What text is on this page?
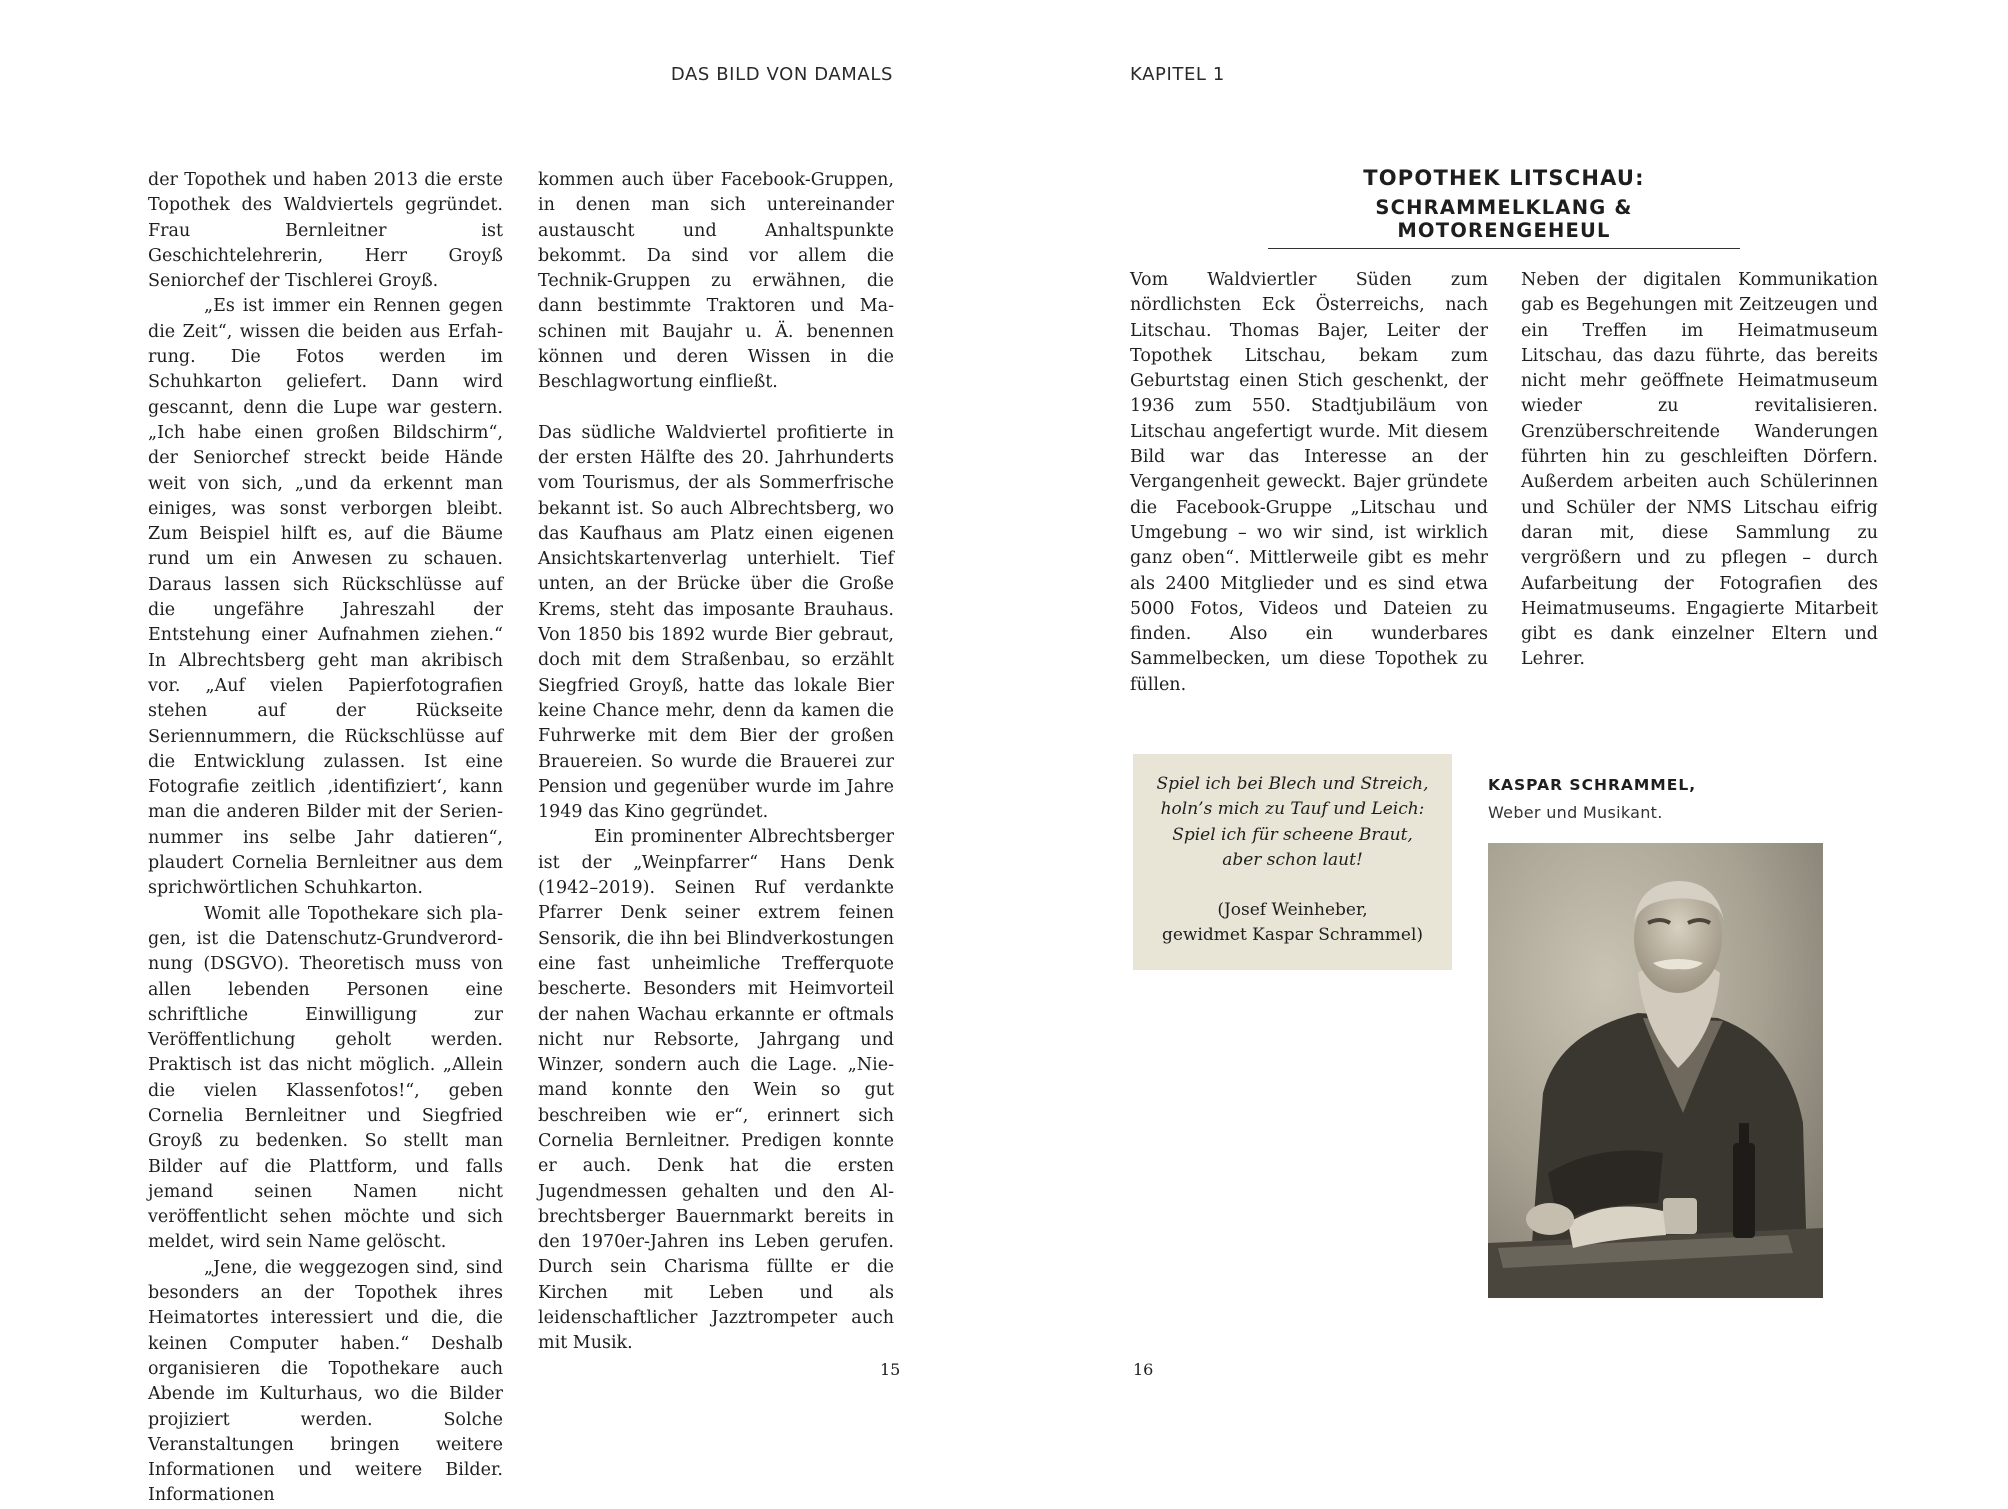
DAS BILD VON DAMALS	KAPITEL 1

der Topothek und haben 2013 die erste Topothek des Waldviertels gegründet. Frau Bernleitner ist Geschichtelehrerin, Herr Groyß Seniorchef der Tischlerei Groyß.

„Es ist immer ein Rennen gegen die Zeit“, wissen die beiden aus Erfahrung. Die Fotos werden im Schuhkarton geliefert. Dann wird gescannt, denn die Lupe war gestern. „Ich habe einen großen Bildschirm“, der Seniorchef streckt beide Hände weit von sich, „und da erkennt man einiges, was sonst verborgen bleibt. Zum Beispiel hilft es, auf die Bäume rund um ein Anwesen zu schauen. Daraus lassen sich Rückschlüsse auf die ungefähre Jahreszahl der Entstehung einer Aufnahmen ziehen.“ In Albrechtsberg geht man akribisch vor. „Auf vielen Papierfotografien stehen auf der Rückseite Seriennummern, die Rückschlüsse auf die Entwicklung zulassen. Ist eine Fotografie zeitlich ‚identifiziert‘, kann man die anderen Bilder mit der Seriennummer ins selbe Jahr datieren“, plaudert Cornelia Bernleitner aus dem sprichwörtlichen Schuhkarton.

Womit alle Topothekare sich plagen, ist die Datenschutz-Grundverordnung (DSGVO). Theoretisch muss von allen lebenden Personen eine schriftliche Einwilligung zur Veröffentlichung geholt werden. Praktisch ist das nicht möglich. „Allein die vielen Klassenfotos!“, geben Cornelia Bernleitner und Siegfried Groyß zu bedenken. So stellt man Bilder auf die Plattform, und falls jemand seinen Namen nicht veröffentlicht sehen möchte und sich meldet, wird sein Name gelöscht.

„Jene, die weggezogen sind, sind besonders an der Topothek ihres Heimatortes interessiert und die, die keinen Computer haben.“ Deshalb organisieren die Topothekare auch Abende im Kulturhaus, wo die Bilder projiziert werden. Solche Veranstaltungen bringen weitere Informationen und weitere Bilder. Informationen

kommen auch über Facebook-Gruppen, in denen man sich untereinander austauscht und Anhaltspunkte bekommt. Da sind vor allem die Technik-Gruppen zu erwähnen, die dann bestimmte Traktoren und Maschinen mit Baujahr u. Ä. benennen können und deren Wissen in die Beschlagwortung einfließt.

Das südliche Waldviertel profitierte in der ersten Hälfte des 20. Jahrhunderts vom Tourismus, der als Sommerfrische bekannt ist. So auch Albrechtsberg, wo das Kaufhaus am Platz einen eigenen Ansichtskartenverlag unterhielt. Tief unten, an der Brücke über die Große Krems, steht das imposante Brauhaus. Von 1850 bis 1892 wurde Bier gebraut, doch mit dem Straßenbau, so erzählt Siegfried Groyß, hatte das lokale Bier keine Chance mehr, denn da kamen die Fuhrwerke mit dem Bier der großen Brauereien. So wurde die Brauerei zur Pension und gegenüber wurde im Jahre 1949 das Kino gegründet.

Ein prominenter Albrechtsberger ist der „Weinpfarrer“ Hans Denk (1942–2019). Seinen Ruf verdankte Pfarrer Denk seiner extrem feinen Sensorik, die ihn bei Blindverkostungen eine fast unheimliche Trefferquote bescherte. Besonders mit Heimvorteil der nahen Wachau erkannte er oftmals nicht nur Rebsorte, Jahrgang und Winzer, sondern auch die Lage. „Niemand konnte den Wein so gut beschreiben wie er“, erinnert sich Cornelia Bernleitner. Predigen konnte er auch. Denk hat die ersten Jugendmessen gehalten und den Albrechtsberger Bauernmarkt bereits in den 1970er-Jahren ins Leben gerufen. Durch sein Charisma füllte er die Kirchen mit Leben und als leidenschaftlicher Jazztrompeter auch mit Musik.

TOPOTHEK LITSCHAU:
SCHRAMMELKLANG & MOTORENGEHEUL

Vom Waldviertler Süden zum nördlichsten Eck Österreichs, nach Litschau. Thomas Bajer, Leiter der Topothek Litschau, bekam zum Geburtstag einen Stich geschenkt, der 1936 zum 550. Stadtjubiläum von Litschau angefertigt wurde. Mit diesem Bild war das Interesse an der Vergangenheit geweckt. Bajer gründete die Facebook-Gruppe „Litschau und Umgebung – wo wir sind, ist wirklich ganz oben“. Mittlerweile gibt es mehr als 2400 Mitglieder und es sind etwa 5000 Fotos, Videos und Dateien zu finden. Also ein wunderbares Sammelbecken, um diese Topothek zu füllen.

Neben der digitalen Kommunikation gab es Begehungen mit Zeitzeugen und ein Treffen im Heimatmuseum Litschau, das dazu führte, das bereits nicht mehr geöffnete Heimatmuseum wieder zu revitalisieren. Grenzüberschreitende Wanderungen führten hin zu geschleiften Dörfern. Außerdem arbeiten auch Schülerinnen und Schüler der NMS Litschau eifrig daran mit, diese Sammlung zu vergrößern und zu pflegen – durch Aufarbeitung der Fotografien des Heimatmuseums. Engagierte Mitarbeit gibt es dank einzelner Eltern und Lehrer.

Spiel ich bei Blech und Streich,
holn’s mich zu Tauf und Leich:
Spiel ich für scheene Braut,
aber schon laut!

(Josef Weinheber,
gewidmet Kaspar Schrammel)

KASPAR SCHRAMMEL,

Weber und Musikant.

15	16
